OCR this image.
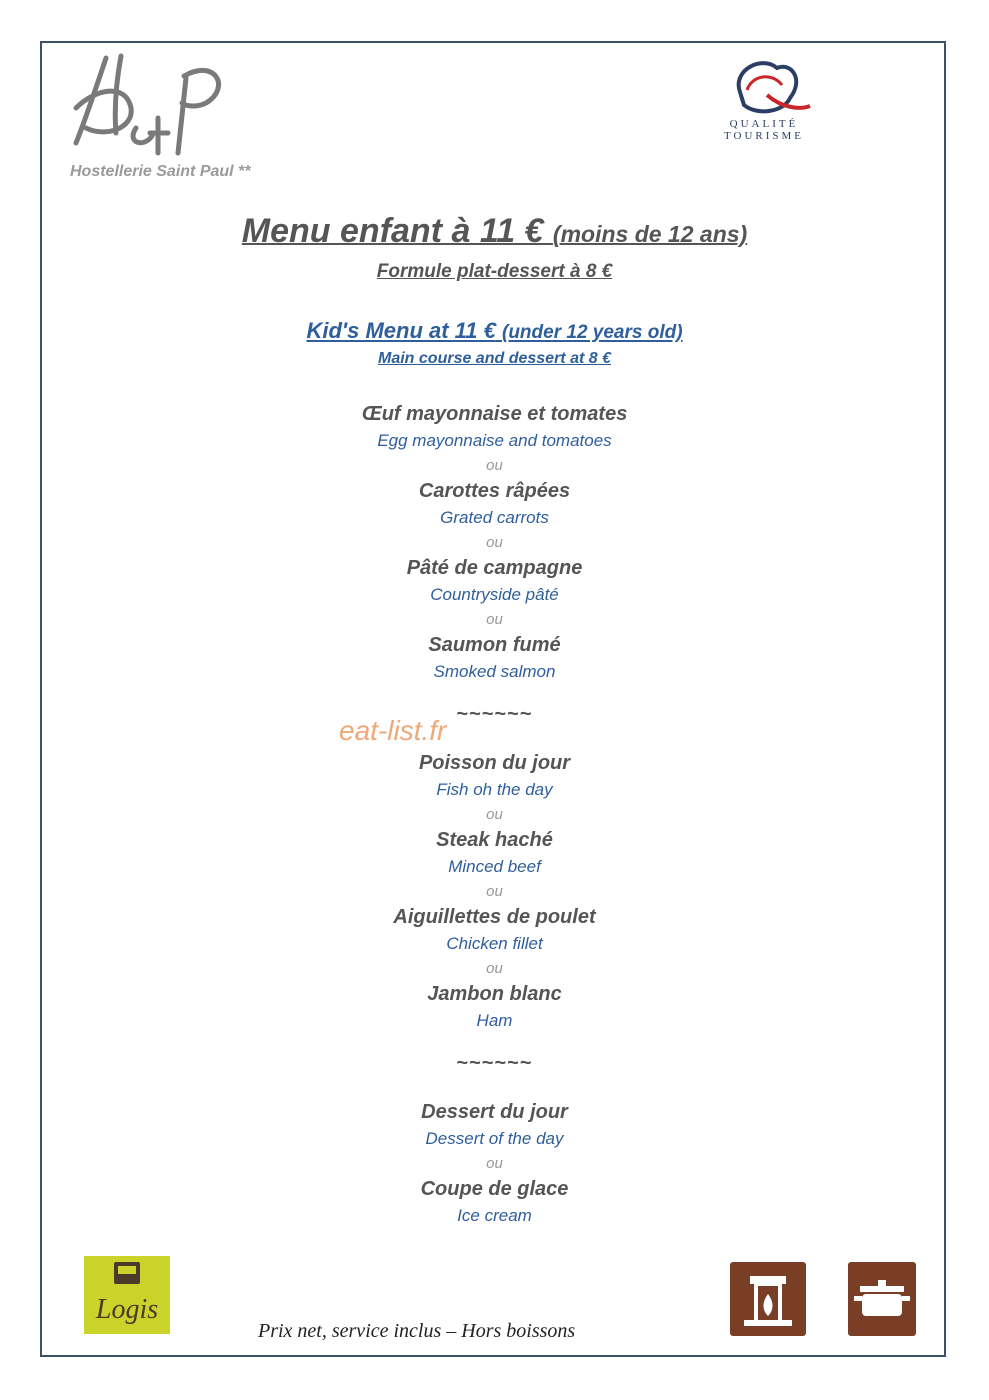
Hostellerie Saint Paul **
QUALITÉ
TOURISME
Menu enfant à 11 € (moins de 12 ans)
Formule plat-dessert à 8 €
Kid's Menu at 11 € (under 12 years old)
Main course and dessert at 8 €
Œuf mayonnaise et tomates
Egg mayonnaise and tomatoes
ou
Carottes râpées
Grated carrots
ou
Pâté de campagne
Countryside pâté
ou
Saumon fumé
Smoked salmon
~~~~~~
eat-list.fr
Poisson du jour
Fish oh the day
ou
Steak haché
Minced beef
ou
Aiguillettes de poulet
Chicken fillet
ou
Jambon blanc
Ham
~~~~~~
Dessert du jour
Dessert of the day
ou
Coupe de glace
Ice cream
Logis
Prix net, service inclus – Hors boissons
